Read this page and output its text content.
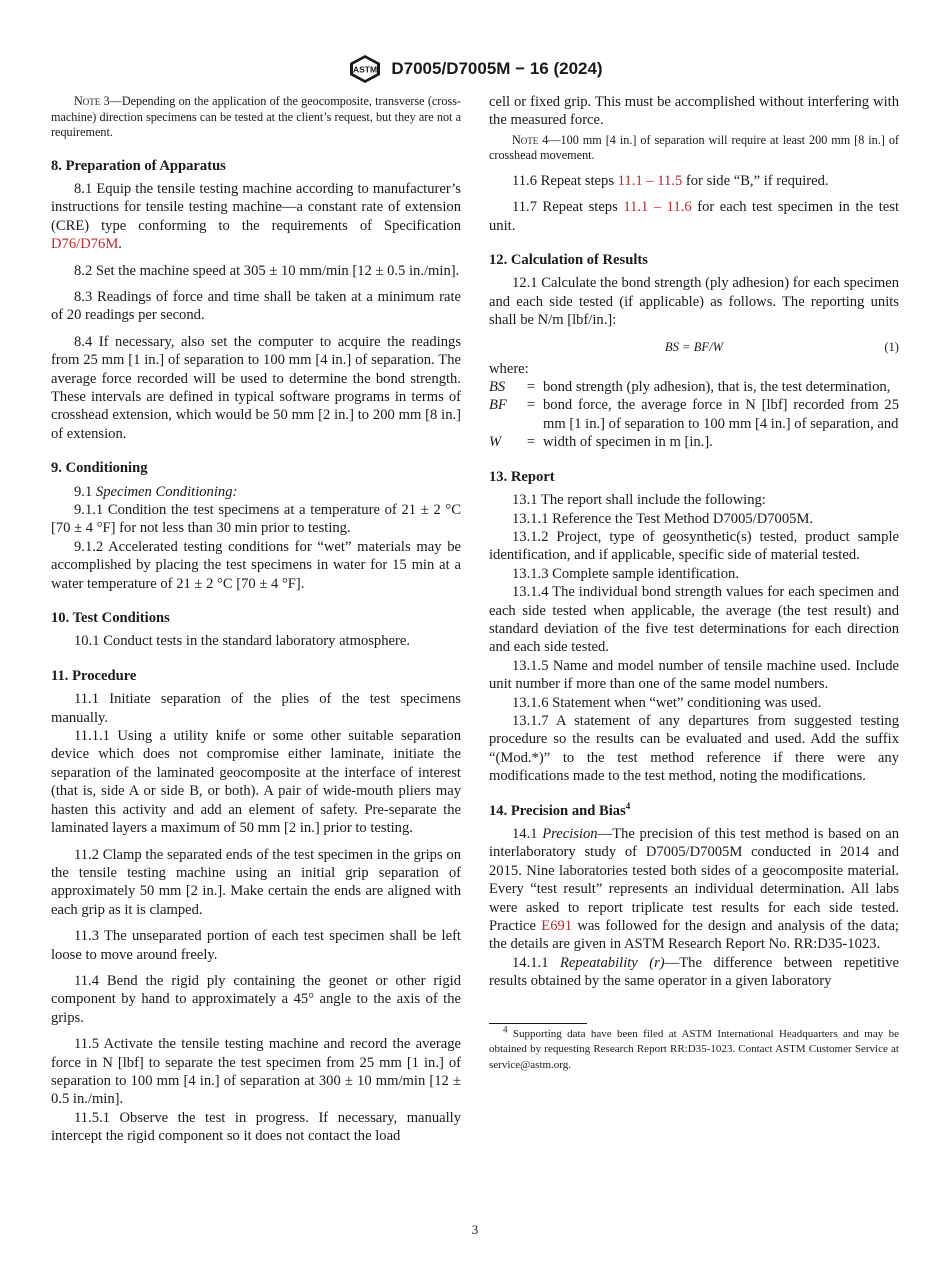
ASTM D7005/D7005M − 16 (2024)

Note 3—Depending on the application of the geocomposite, transverse (cross-machine) direction specimens can be tested at the client’s request, but they are not a requirement.

8. Preparation of Apparatus

8.1 Equip the tensile testing machine according to manufacturer’s instructions for tensile testing machine—a constant rate of extension (CRE) type conforming to the requirements of Specification D76/D76M.

8.2 Set the machine speed at 305 ± 10 mm/min [12 ± 0.5 in./min].

8.3 Readings of force and time shall be taken at a minimum rate of 20 readings per second.

8.4 If necessary, also set the computer to acquire the readings from 25 mm [1 in.] of separation to 100 mm [4 in.] of separation. The average force recorded will be used to determine the bond strength. These intervals are defined in typical software programs in terms of crosshead extension, which would be 50 mm [2 in.] to 200 mm [8 in.] of extension.

9. Conditioning

9.1 Specimen Conditioning:

9.1.1 Condition the test specimens at a temperature of 21 ± 2 °C [70 ± 4 °F] for not less than 30 min prior to testing.

9.1.2 Accelerated testing conditions for “wet” materials may be accomplished by placing the test specimens in water for 15 min at a water temperature of 21 ± 2 °C [70 ± 4 °F].

10. Test Conditions

10.1 Conduct tests in the standard laboratory atmosphere.

11. Procedure

11.1 Initiate separation of the plies of the test specimens manually.

11.1.1 Using a utility knife or some other suitable separation device which does not compromise either laminate, initiate the separation of the laminated geocomposite at the interface of interest (that is, side A or side B, or both). A pair of wide-mouth pliers may hasten this activity and add an element of safety. Pre-separate the laminated layers a maximum of 50 mm [2 in.] prior to testing.

11.2 Clamp the separated ends of the test specimen in the grips on the tensile testing machine using an initial grip separation of approximately 50 mm [2 in.]. Make certain the ends are aligned with each grip as it is clamped.

11.3 The unseparated portion of each test specimen shall be left loose to move around freely.

11.4 Bend the rigid ply containing the geonet or other rigid component by hand to approximately a 45° angle to the axis of the grips.

11.5 Activate the tensile testing machine and record the average force in N [lbf] to separate the test specimen from 25 mm [1 in.] of separation to 100 mm [4 in.] of separation at 300 ± 10 mm/min [12 ± 0.5 in./min].

11.5.1 Observe the test in progress. If necessary, manually intercept the rigid component so it does not contact the load

cell or fixed grip. This must be accomplished without interfering with the measured force.

Note 4—100 mm [4 in.] of separation will require at least 200 mm [8 in.] of crosshead movement.

11.6 Repeat steps 11.1 – 11.5 for side “B,” if required.

11.7 Repeat steps 11.1 – 11.6 for each test specimen in the test unit.

12. Calculation of Results

12.1 Calculate the bond strength (ply adhesion) for each specimen and each side tested (if applicable) as follows. The reporting units shall be N/m [lbf/in.]:

BS = BF/W	(1)

where:

BS	=	bond strength (ply adhesion), that is, the test determination,
BF	=	bond force, the average force in N [lbf] recorded from 25 mm [1 in.] of separation to 100 mm [4 in.] of separation, and
W	=	width of specimen in m [in.].
13. Report

13.1 The report shall include the following:

13.1.1 Reference the Test Method D7005/D7005M.

13.1.2 Project, type of geosynthetic(s) tested, product sample identification, and if applicable, specific side of material tested.

13.1.3 Complete sample identification.

13.1.4 The individual bond strength values for each specimen and each side tested when applicable, the average (the test result) and standard deviation of the five test determinations for each direction and each side tested.

13.1.5 Name and model number of tensile machine used. Include unit number if more than one of the same model numbers.

13.1.6 Statement when “wet” conditioning was used.

13.1.7 A statement of any departures from suggested testing procedure so the results can be evaluated and used. Add the suffix “(Mod.*)” to the test method reference if there were any modifications made to the test method, noting the modifications.

14. Precision and Bias$^4$

14.1 Precision—The precision of this test method is based on an interlaboratory study of D7005/D7005M conducted in 2014 and 2015. Nine laboratories tested both sides of a geocomposite material. Every “test result” represents an individual determination. All labs were asked to report triplicate test results for each side tested. Practice E691 was followed for the design and analysis of the data; the details are given in ASTM Research Report No. RR:D35-1023.

14.1.1 Repeatability (r)—The difference between repetitive results obtained by the same operator in a given laboratory

$^4$ Supporting data have been filed at ASTM International Headquarters and may be obtained by requesting Research Report RR:D35-1023. Contact ASTM Customer Service at service@astm.org.

3
